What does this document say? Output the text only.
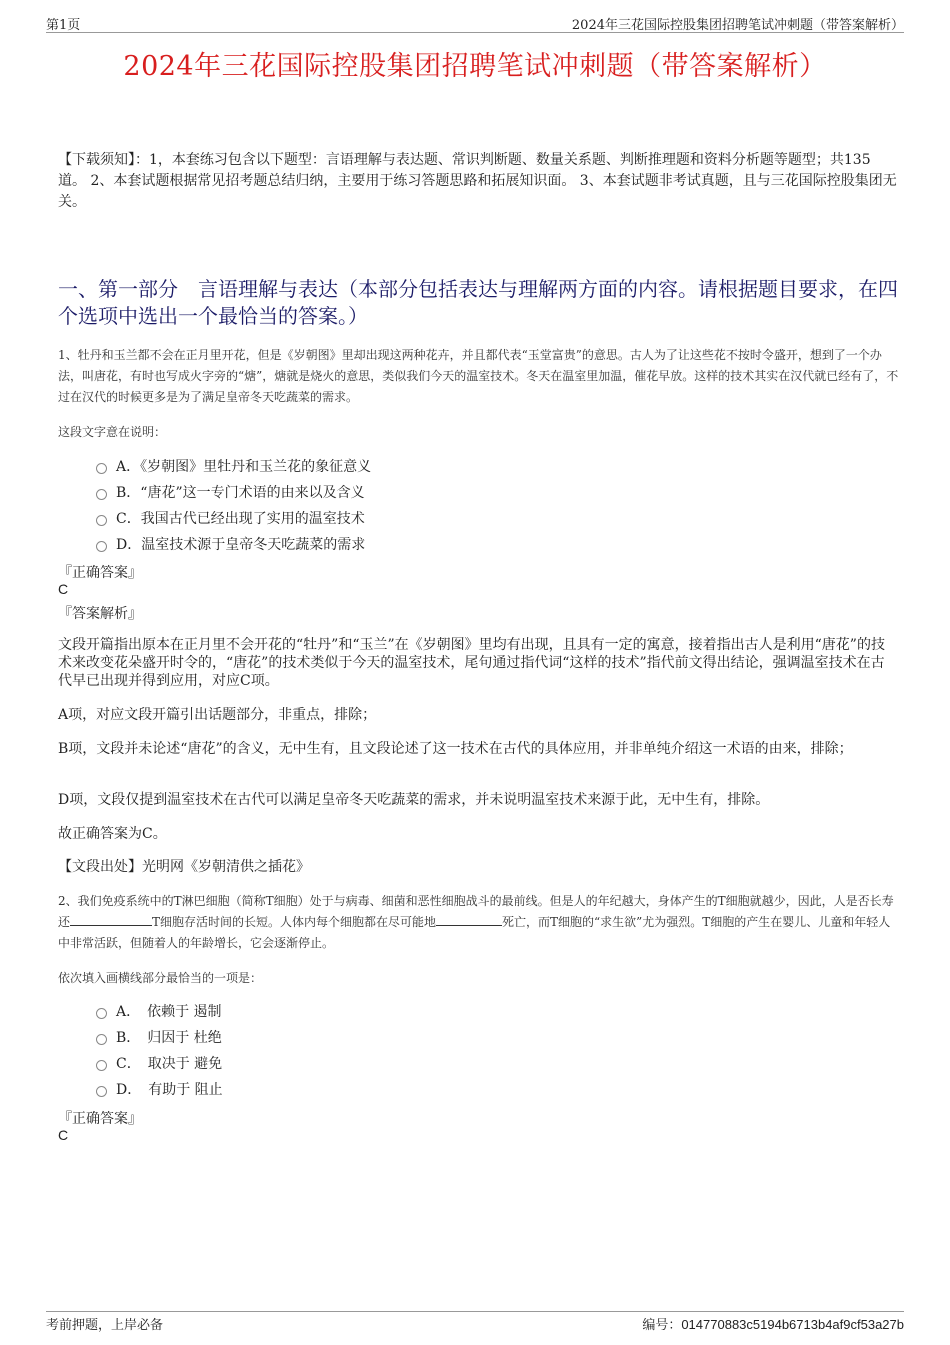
第1页	2024年三花国际控股集团招聘笔试冲刺题（带答案解析）
2024年三花国际控股集团招聘笔试冲刺题（带答案解析）
【下载须知】：1，本套练习包含以下题型：言语理解与表达题、常识判断题、数量关系题、判断推理题和资料分析题等题型；共135道。 2、本套试题根据常见招考题总结归纳，主要用于练习答题思路和拓展知识面。 3、本套试题非考试真题，且与三花国际控股集团无关。
一、第一部分　言语理解与表达（本部分包括表达与理解两方面的内容。请根据题目要求，在四个选项中选出一个最恰当的答案。）
1、牡丹和玉兰都不会在正月里开花，但是《岁朝图》里却出现这两种花卉，并且都代表“玉堂富贵”的意思。古人为了让这些花不按时令盛开，想到了一个办法，叫唐花，有时也写成火字旁的“煻”，煻就是烧火的意思，类似我们今天的温室技术。冬天在温室里加温，催花早放。这样的技术其实在汉代就已经有了，不过在汉代的时候更多是为了满足皇帝冬天吃蔬菜的需求。
这段文字意在说明：
A．《岁朝图》里牡丹和玉兰花的象征意义
B．“唐花”这一专门术语的由来以及含义
C．我国古代已经出现了实用的温室技术
D．温室技术源于皇帝冬天吃蔬菜的需求
『正确答案』
C
『答案解析』
文段开篇指出原本在正月里不会开花的“牡丹”和“玉兰”在《岁朝图》里均有出现，且具有一定的寓意，接着指出古人是利用“唐花”的技术来改变花朵盛开时令的，“唐花”的技术类似于今天的温室技术，尾句通过指代词“这样的技术”指代前文得出结论，强调温室技术在古代早已出现并得到应用，对应C项。
A项，对应文段开篇引出话题部分，非重点，排除；
B项，文段并未论述“唐花”的含义，无中生有，且文段论述了这一技术在古代的具体应用，并非单纯介绍这一术语的由来，排除；
D项，文段仅提到温室技术在古代可以满足皇帝冬天吃蔬菜的需求，并未说明温室技术来源于此，无中生有，排除。
故正确答案为C。
【文段出处】光明网《岁朝清供之插花》
2、我们免疫系统中的T淋巴细胞（简称T细胞）处于与病毒、细菌和恶性细胞战斗的最前线。但是人的年纪越大，身体产生的T细胞就越少，因此，人是否长寿还	T细胞存活时间的长短。人体内每个细胞都在尽可能地	死亡，而T细胞的“求生欲”尤为强烈。T细胞的产生在婴儿、儿童和年轻人中非常活跃，但随着人的年龄增长，它会逐渐停止。
依次填入画横线部分最恰当的一项是：
A．　依赖于 遏制
B．　归因于 杜绝
C．　取决于 避免
D．　有助于 阻止
『正确答案』
C
考前押题，上岸必备	编号：014770883c5194b6713b4af9cf53a27b
